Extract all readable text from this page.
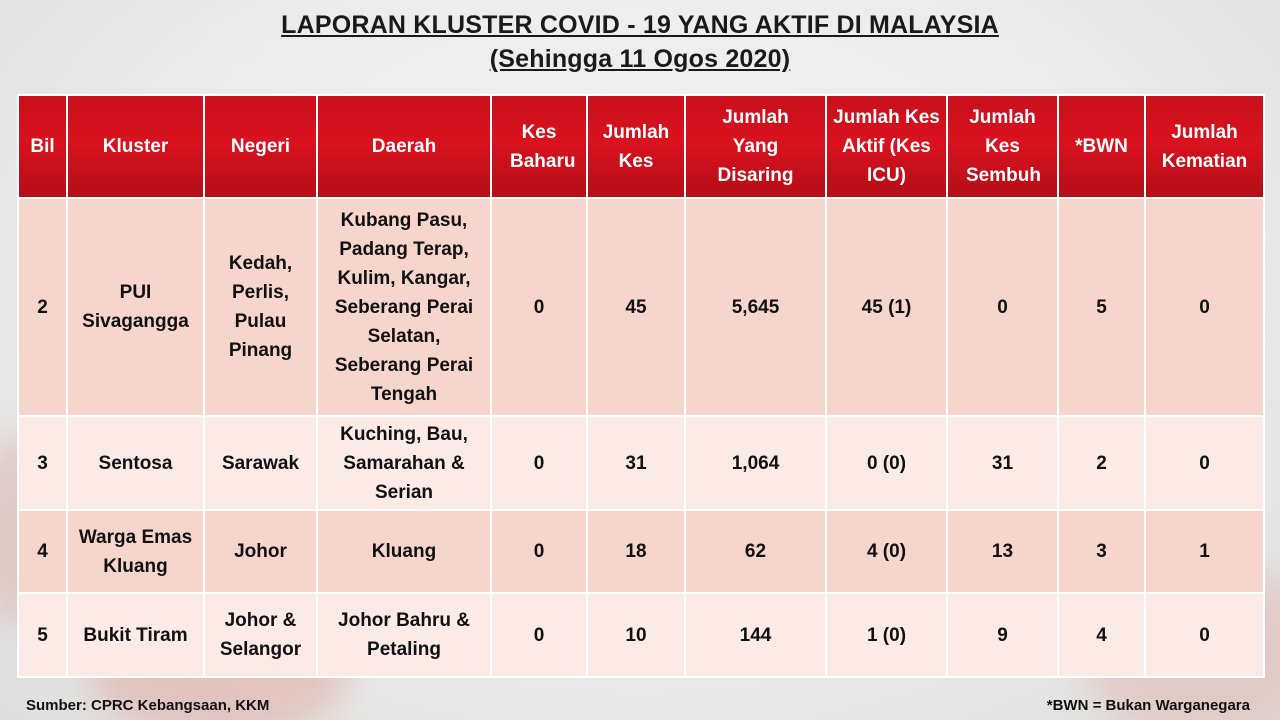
LAPORAN KLUSTER COVID - 19 YANG AKTIF DI MALAYSIA
(Sehingga 11 Ogos 2020)
Bil	Kluster	Negeri	Daerah	Kes Baharu	Jumlah Kes	Jumlah Yang Disaring	Jumlah Kes Aktif (Kes ICU)	Jumlah Kes Sembuh	*BWN	Jumlah Kematian
2	PUI Sivagangga	Kedah, Perlis, Pulau Pinang	Kubang Pasu, Padang Terap, Kulim, Kangar, Seberang Perai Selatan, Seberang Perai Tengah	0	45	5,645	45 (1)	0	5	0
3	Sentosa	Sarawak	Kuching, Bau, Samarahan & Serian	0	31	1,064	0 (0)	31	2	0
4	Warga Emas Kluang	Johor	Kluang	0	18	62	4 (0)	13	3	1
5	Bukit Tiram	Johor & Selangor	Johor Bahru & Petaling	0	10	144	1 (0)	9	4	0
Sumber: CPRC Kebangsaan, KKM	*BWN = Bukan Warganegara
